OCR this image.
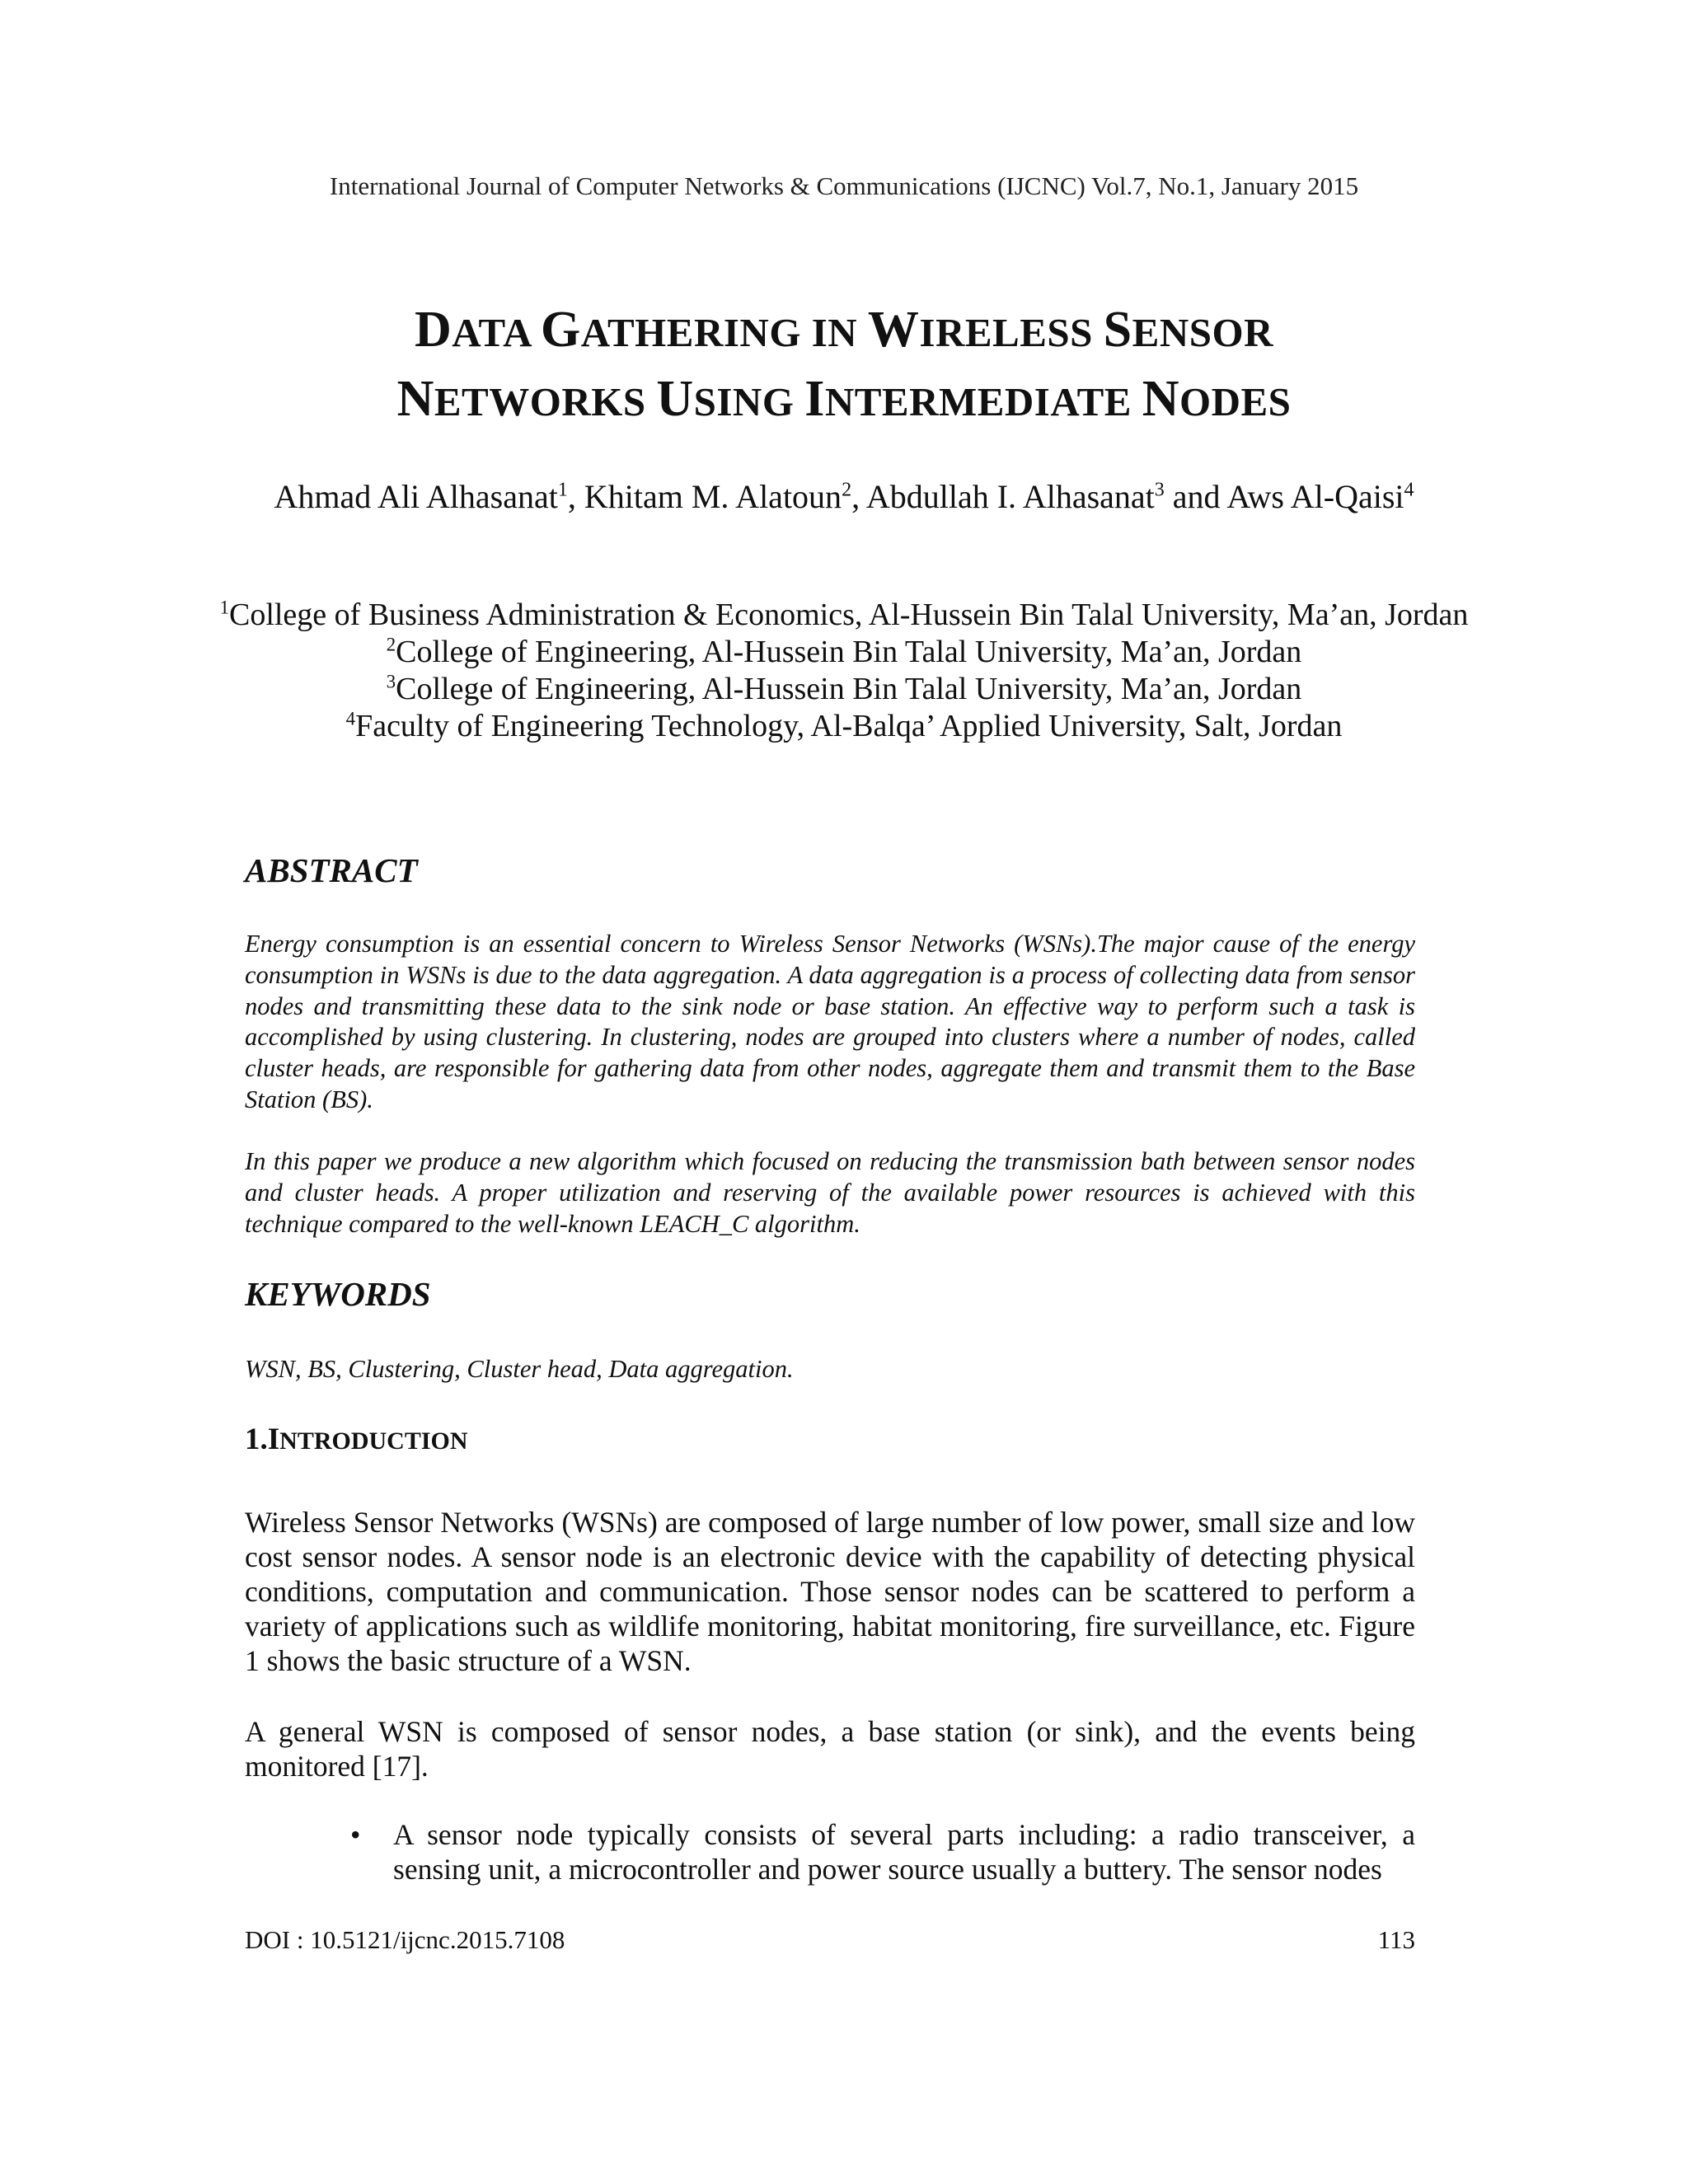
International Journal of Computer Networks & Communications (IJCNC) Vol.7, No.1, January 2015
DATA GATHERING IN WIRELESS SENSOR
NETWORKS USING INTERMEDIATE NODES
Ahmad Ali Alhasanat$^1$, Khitam M. Alatoun$^2$, Abdullah I. Alhasanat$^3$ and Aws Al-Qaisi$^4$
$^1$College of Business Administration & Economics, Al-Hussein Bin Talal University, Ma’an, Jordan
$^2$College of Engineering, Al-Hussein Bin Talal University, Ma’an, Jordan
$^3$College of Engineering, Al-Hussein Bin Talal University, Ma’an, Jordan
$^4$Faculty of Engineering Technology, Al-Balqa’ Applied University, Salt, Jordan
ABSTRACT

Energy consumption is an essential concern to Wireless Sensor Networks (WSNs).The major cause of the energy consumption in WSNs is due to the data aggregation. A data aggregation is a process of collecting data from sensor nodes and transmitting these data to the sink node or base station. An effective way to perform such a task is accomplished by using clustering. In clustering, nodes are grouped into clusters where a number of nodes, called cluster heads, are responsible for gathering data from other nodes, aggregate them and transmit them to the Base Station (BS).

In this paper we produce a new algorithm which focused on reducing the transmission bath between sensor nodes and cluster heads. A proper utilization and reserving of the available power resources is achieved with this technique compared to the well-known LEACH_C algorithm.

KEYWORDS
WSN, BS, Clustering, Cluster head, Data aggregation.
1.INTRODUCTION

Wireless Sensor Networks (WSNs) are composed of large number of low power, small size and low cost sensor nodes. A sensor node is an electronic device with the capability of detecting physical conditions, computation and communication. Those sensor nodes can be scattered to perform a variety of applications such as wildlife monitoring, habitat monitoring, fire surveillance, etc. Figure 1 shows the basic structure of a WSN.

A general WSN is composed of sensor nodes, a base station (or sink), and the events being monitored [17].

• A sensor node typically consists of several parts including: a radio transceiver, a sensing unit, a microcontroller and power source usually a buttery. The sensor nodes
DOI : 10.5121/ijcnc.2015.7108	113
